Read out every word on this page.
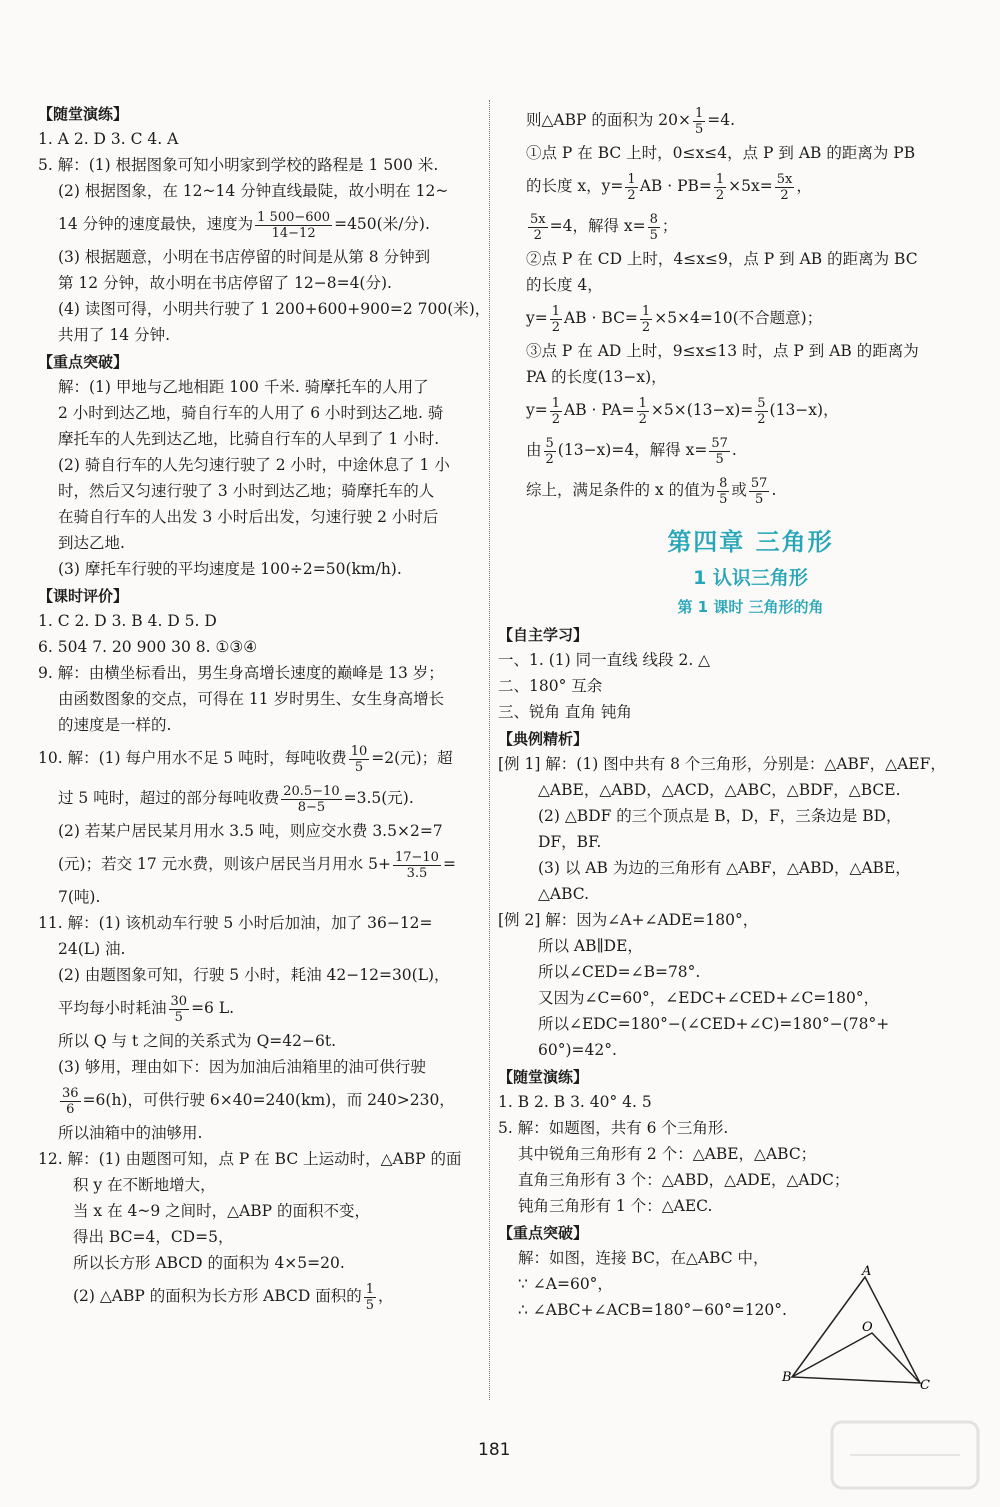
【随堂演练】
1. A 2. D 3. C 4. A
5. 解：(1) 根据图象可知小明家到学校的路程是 1 500 米.
(2) 根据图象，在 12~14 分钟直线最陡，故小明在 12~
14 分钟的速度最快，速度为 $\frac{1 500-600}{14-12} =450$(米/分).
(3) 根据题意，小明在书店停留的时间是从第 8 分钟到
第 12 分钟，故小明在书店停留了 12−8=4(分).
(4) 读图可得，小明共行驶了 1 200+600+900=2 700(米)，
共用了 14 分钟.
【重点突破】
解：(1) 甲地与乙地相距 100 千米. 骑摩托车的人用了
2 小时到达乙地，骑自行车的人用了 6 小时到达乙地. 骑
摩托车的人先到达乙地，比骑自行车的人早到了 1 小时.
(2) 骑自行车的人先匀速行驶了 2 小时，中途休息了 1 小
时，然后又匀速行驶了 3 小时到达乙地；骑摩托车的人
在骑自行车的人出发 3 小时后出发，匀速行驶 2 小时后
到达乙地.
(3) 摩托车行驶的平均速度是 100÷2=50(km/h).
【课时评价】
1. C 2. D 3. B 4. D 5. D
6. 504 7. 20 900 30 8. ①③④
9. 解：由横坐标看出，男生身高增长速度的巅峰是 13 岁；
由函数图象的交点，可得在 11 岁时男生、女生身高增长
的速度是一样的.
10. 解：(1) 每户用水不足 5 吨时，每吨收费 $\frac{10}{5} =2$(元)；超
过 5 吨时，超过的部分每吨收费 $\frac{20.5-10}{8-5} =3.5$(元).
(2) 若某户居民某月用水 3.5 吨，则应交水费 3.5×2=7
(元)；若交 17 元水费，则该户居民当月用水 $5+ \frac{17-10}{3.5}$ =
7(吨).
11. 解：(1) 该机动车行驶 5 小时后加油，加了 36−12=
24(L) 油.
(2) 由题图象可知，行驶 5 小时，耗油 42−12=30(L)，
平均每小时耗油 $\frac{30}{5} =6$ L.
所以 Q 与 t 之间的关系式为 Q=42−6t.
(3) 够用，理由如下：因为加油后油箱里的油可供行驶
$\frac{36}{6} =6(h)$，可供行驶 6×40=240(km)，而 240>230，
所以油箱中的油够用.
12. 解：(1) 由题图可知，点 P 在 BC 上运动时，△ABP 的面
积 y 在不断地增大，
当 x 在 4~9 之间时，△ABP 的面积不变，
得出 BC=4，CD=5，
所以长方形 ABCD 的面积为 4×5=20.
(2) △ABP 的面积为长方形 ABCD 面积的 $\frac{1}{5}$ ，
则△ABP 的面积为 $20\times \frac{1}{5} =4$.
①点 P 在 BC 上时，0≤x≤4，点 P 到 AB 的距离为 PB
的长度 x，$y= \frac{1}{2}$ AB · $PB= \frac{1}{2} \times 5x= \frac{5x}{2}$ ，
$\frac{5x}{2} =4$，解得 $x= \frac{8}{5}$ ；
②点 P 在 CD 上时，4≤x≤9，点 P 到 AB 的距离为 BC
的长度 4，
$y= \frac{1}{2}$ AB · $BC= \frac{1}{2} \times 5\times 4=10$(不合题意)；
③点 P 在 AD 上时，9≤x≤13 时，点 P 到 AB 的距离为
PA 的长度(13−x)，
$y= \frac{1}{2}$ AB · $PA= \frac{1}{2} \times 5\times(13-x)= \frac{5}{2} (13-x)$，
由 $\frac{5}{2} (13-x)=4$，解得 $x= \frac{57}{5}$ .
综上，满足条件的 x 的值为 $\frac{8}{5}$ 或 $\frac{57}{5}$ .
第四章 三角形
1 认识三角形
第 1 课时 三角形的角
【自主学习】
一、1. (1) 同一直线 线段 2. △
二、180° 互余
三、锐角 直角 钝角
【典例精析】
[例 1] 解：(1) 图中共有 8 个三角形，分别是：△ABF，△AEF，
△ABE，△ABD，△ACD，△ABC，△BDF，△BCE.
(2) △BDF 的三个顶点是 B，D，F，三条边是 BD，
DF，BF.
(3) 以 AB 为边的三角形有 △ABF，△ABD，△ABE，
△ABC.
[例 2] 解：因为∠A+∠ADE=180°，
所以 AB∥DE，
所以∠CED=∠B=78°.
又因为∠C=60°，∠EDC+∠CED+∠C=180°，
所以∠EDC=180°−(∠CED+∠C)=180°−(78°+
60°)=42°.
【随堂演练】
1. B 2. B 3. 40° 4. 5
5. 解：如题图，共有 6 个三角形.
其中锐角三角形有 2 个：△ABE，△ABC；
直角三角形有 3 个：△ABD，△ADE，△ADC；
钝角三角形有 1 个：△AEC.
【重点突破】
解：如图，连接 BC，在△ABC 中，
∵ ∠A=60°，
∴ ∠ABC+∠ACB=180°−60°=120°.
A
O
B
C
181
